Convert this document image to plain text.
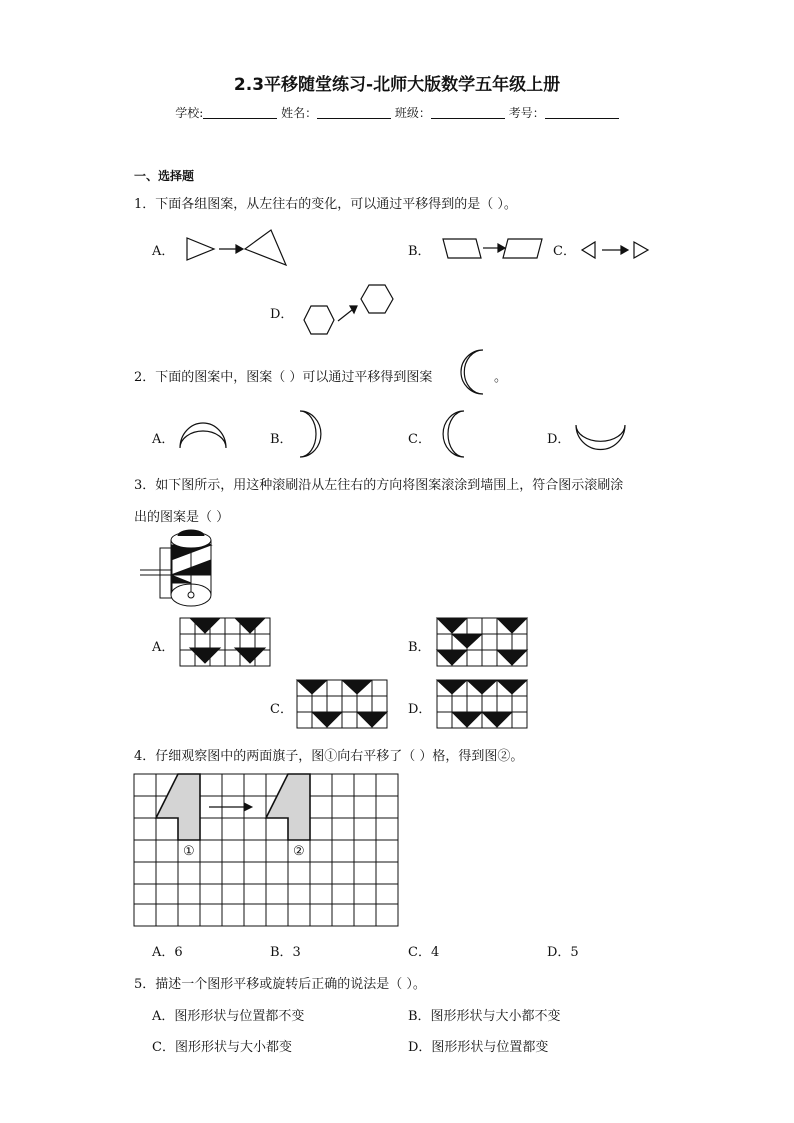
2.3平移随堂练习-北师大版数学五年级上册
学校:	姓名：	班级：	考号：
一、选择题
1．下面各组图案，从左往右的变化，可以通过平移得到的是（ ）。
A．	B．	C．
D．
2．下面的图案中，图案（ ）可以通过平移得到图案	。
A．	B．	C．	D．
3．如下图所示，用这种滚刷沿从左往右的方向将图案滚涂到墙围上，符合图示滚刷涂
出的图案是（ ）
A．	B．
C．	D．
4．仔细观察图中的两面旗子，图①向右平移了（ ）格，得到图②。
①	②
A．6	B．3	C．4	D．5
5．描述一个图形平移或旋转后正确的说法是（ ）。
A．图形形状与位置都不变	B．图形形状与大小都不变
C．图形形状与大小都变	D．图形形状与位置都变
